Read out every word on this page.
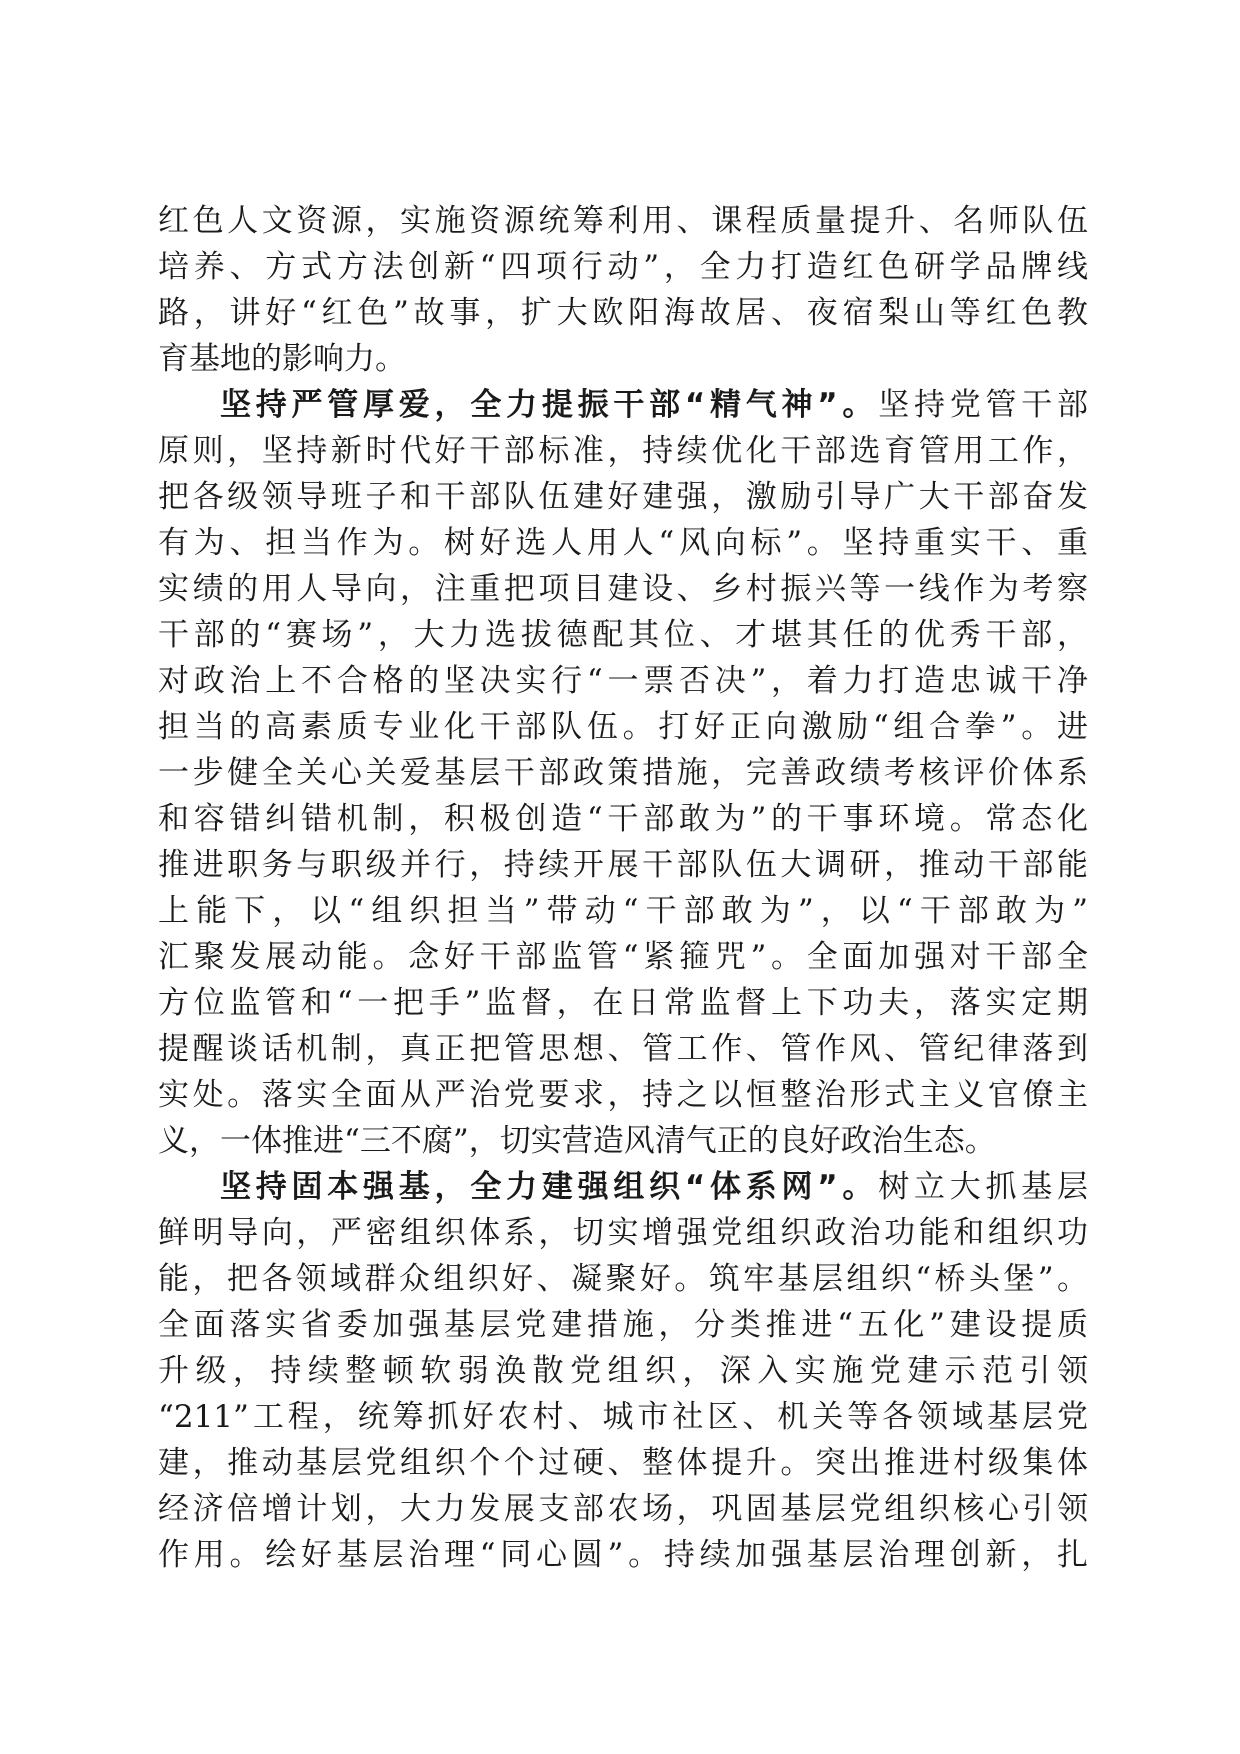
红色人文资源，实施资源统筹利用、课程质量提升、名师队伍
培养、方式方法创新“四项行动”，全力打造红色研学品牌线
路，讲好“红色”故事，扩大欧阳海故居、夜宿梨山等红色教
育基地的影响力。
坚持严管厚爱，全力提振干部“精气神”。坚持党管干部
原则，坚持新时代好干部标准，持续优化干部选育管用工作，
把各级领导班子和干部队伍建好建强，激励引导广大干部奋发
有为、担当作为。树好选人用人“风向标”。坚持重实干、重
实绩的用人导向，注重把项目建设、乡村振兴等一线作为考察
干部的“赛场”，大力选拔德配其位、才堪其任的优秀干部，
对政治上不合格的坚决实行“一票否决”，着力打造忠诚干净
担当的高素质专业化干部队伍。打好正向激励“组合拳”。进
一步健全关心关爱基层干部政策措施，完善政绩考核评价体系
和容错纠错机制，积极创造“干部敢为”的干事环境。常态化
推进职务与职级并行，持续开展干部队伍大调研，推动干部能
上能下，以“组织担当”带动“干部敢为”，以“干部敢为”
汇聚发展动能。念好干部监管“紧箍咒”。全面加强对干部全
方位监管和“一把手”监督，在日常监督上下功夫，落实定期
提醒谈话机制，真正把管思想、管工作、管作风、管纪律落到
实处。落实全面从严治党要求，持之以恒整治形式主义官僚主
义，一体推进“三不腐”，切实营造风清气正的良好政治生态。
坚持固本强基，全力建强组织“体系网”。树立大抓基层
鲜明导向，严密组织体系，切实增强党组织政治功能和组织功
能，把各领域群众组织好、凝聚好。筑牢基层组织“桥头堡”。
全面落实省委加强基层党建措施，分类推进“五化”建设提质
升级，持续整顿软弱涣散党组织，深入实施党建示范引领
“211”工程，统筹抓好农村、城市社区、机关等各领域基层党
建，推动基层党组织个个过硬、整体提升。突出推进村级集体
经济倍增计划，大力发展支部农场，巩固基层党组织核心引领
作用。绘好基层治理“同心圆”。持续加强基层治理创新，扎
